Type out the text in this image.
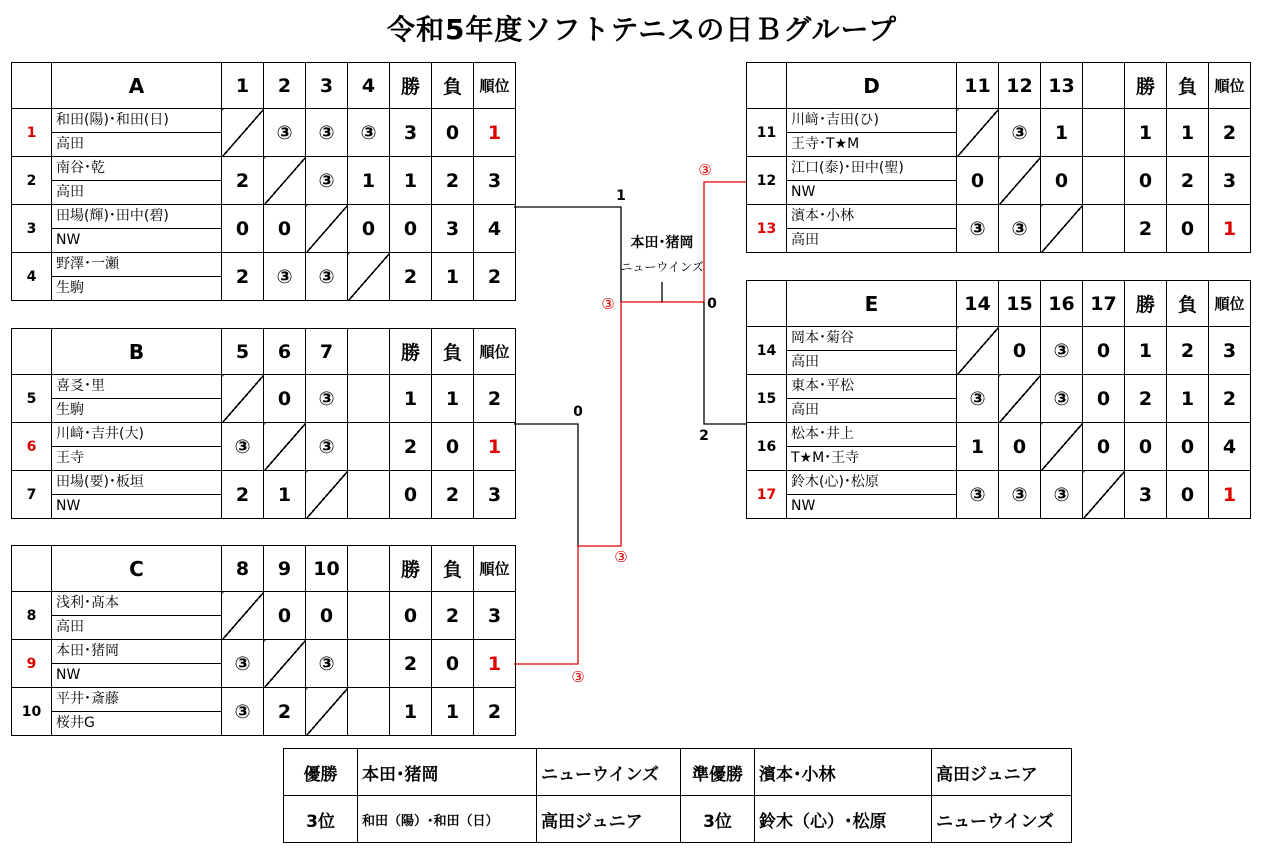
令和5年度ソフトテニスの日Ｂグループ
	A	1	2	3	4	勝	負	順位
1	和田(陽)･和田(日)
高田		③	③	③	3	0	1
2	南谷･乾
高田	2		③	1	1	2	3
3	田場(輝)･田中(碧)
NW	0	0		0	0	3	4
4	野澤･一瀬
生駒	2	③	③		2	1	2
	B	5	6	7		勝	負	順位
5	喜㕛･里
生駒		0	③		1	1	2
6	川﨑･吉井(大)
王寺	③		③		2	0	1
7	田場(要)･板垣
NW	2	1			0	2	3
	C	8	9	10		勝	負	順位
8	浅利･髙本
高田		0	0		0	2	3
9	本田･猪岡
NW	③		③		2	0	1
10	平井･斎藤
桜井G	③	2			1	1	2
	D	11	12	13		勝	負	順位
11	川﨑･吉田(ひ)
王寺･T★M		③	1		1	1	2
12	江口(泰)･田中(聖)
NW	0		0		0	2	3
13	濱本･小林
高田	③	③			2	0	1
	E	14	15	16	17	勝	負	順位
14	岡本･菊谷
高田		0	③	0	1	2	3
15	東本･平松
高田	③		③	0	2	1	2
16	松本･井上
T★M･王寺	1	0		0	0	0	4
17	鈴木(心)･松原
NW	③	③	③		3	0	1
1
0
③
③
③	0
③
2
本田･猪岡
ニューウインズ
優勝	本田･猪岡	ニューウインズ	準優勝	濱本･小林	高田ジュニア
3位	和田（陽）･和田（日）	高田ジュニア	3位	鈴木（心）･松原	ニューウインズ
